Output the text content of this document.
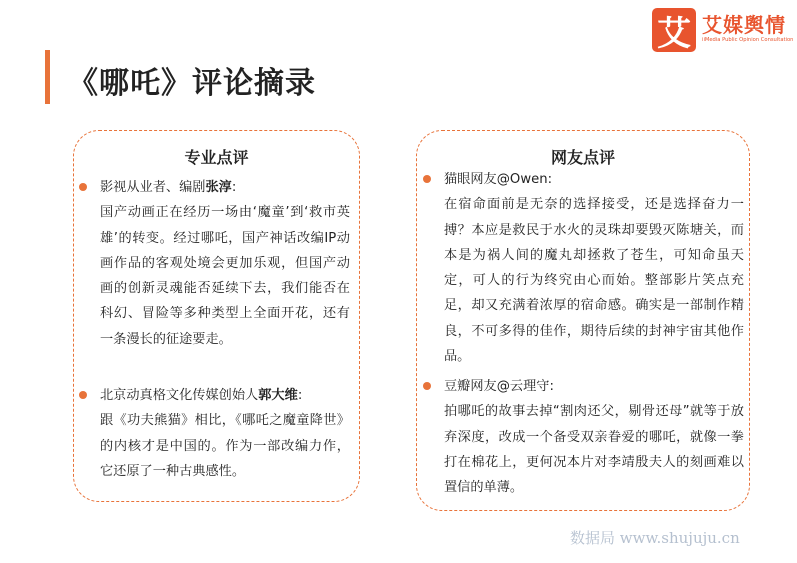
《哪吒》评论摘录
艾 艾媒舆情
iiMedia Public Opinion Consultation
专业点评
影视从业者、编剧张淳:
国产动画正在经历一场由‘魔童’到‘救市英雄’的转变。经过哪吒，国产神话改编IP动画作品的客观处境会更加乐观，但国产动画的创新灵魂能否延续下去，我们能否在科幻、冒险等多种类型上全面开花，还有一条漫长的征途要走。
北京动真格文化传媒创始人郭大维:
跟《功夫熊猫》相比，《哪吒之魔童降世》的内核才是中国的。作为一部改编力作，它还原了一种古典感性。
网友点评
猫眼网友@Owen:
在宿命面前是无奈的选择接受，还是选择奋力一搏？本应是救民于水火的灵珠却要毁灭陈塘关，而本是为祸人间的魔丸却拯救了苍生，可知命虽天定，可人的行为终究由心而始。整部影片笑点充足，却又充满着浓厚的宿命感。确实是一部制作精良，不可多得的佳作，期待后续的封神宇宙其他作品。
豆瓣网友@云理守:
拍哪吒的故事去掉“割肉还父，剔骨还母”就等于放弃深度，改成一个备受双亲眷爱的哪吒，就像一拳打在棉花上，更何况本片对李靖殷夫人的刻画难以置信的单薄。
数据局 www.shujuju.cn
